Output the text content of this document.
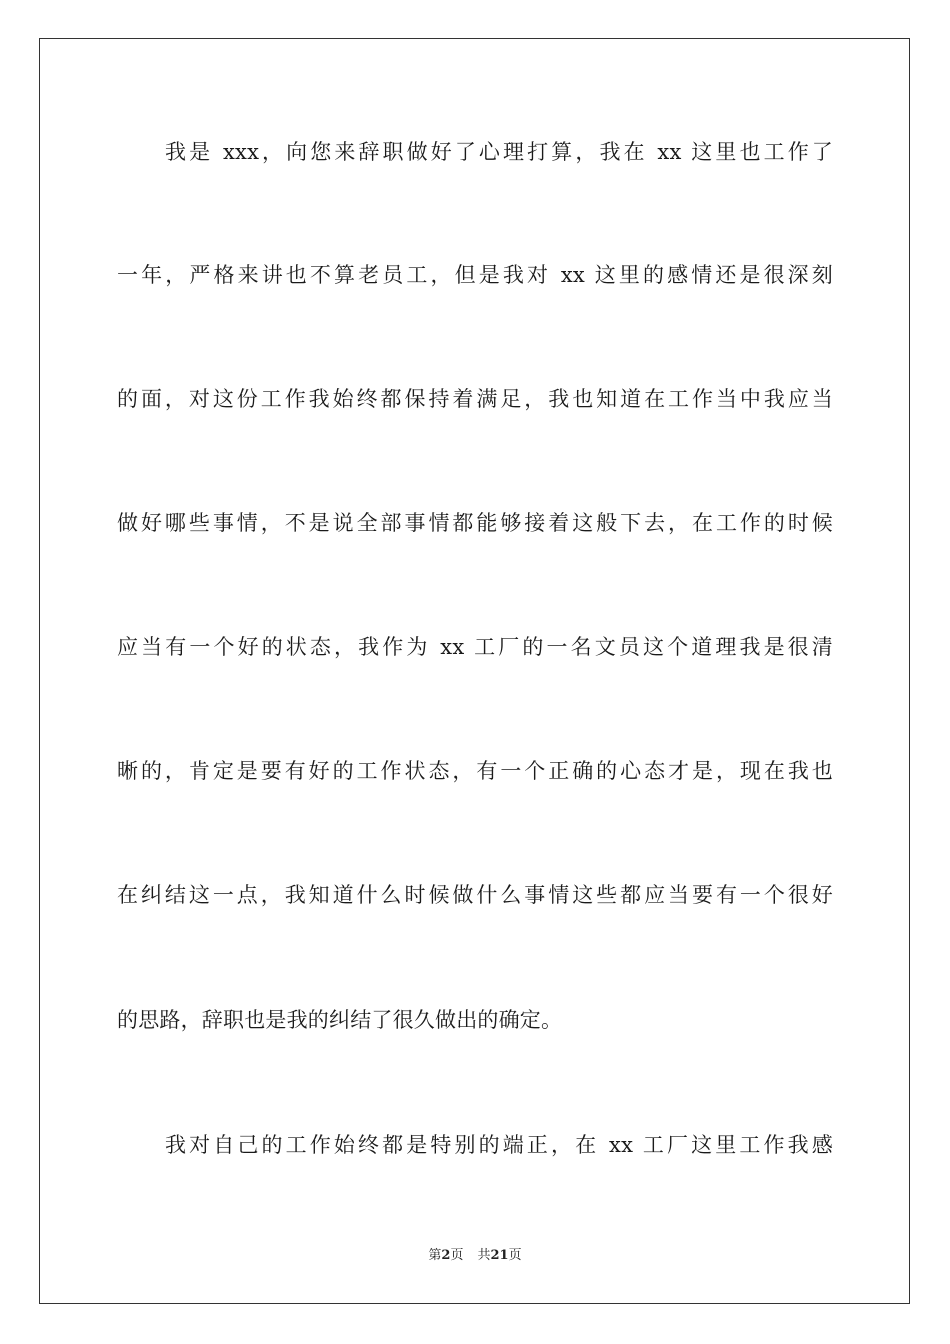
我是 xxx，向您来辞职做好了心理打算，我在 xx 这里也工作了
一年，严格来讲也不算老员工，但是我对 xx 这里的感情还是很深刻
的面，对这份工作我始终都保持着满足，我也知道在工作当中我应当
做好哪些事情，不是说全部事情都能够接着这般下去，在工作的时候
应当有一个好的状态，我作为 xx 工厂的一名文员这个道理我是很清
晰的，肯定是要有好的工作状态，有一个正确的心态才是，现在我也
在纠结这一点，我知道什么时候做什么事情这些都应当要有一个很好
的思路，辞职也是我的纠结了很久做出的确定。
我对自己的工作始终都是特别的端正，在 xx 工厂这里工作我感
第2页 共21页
